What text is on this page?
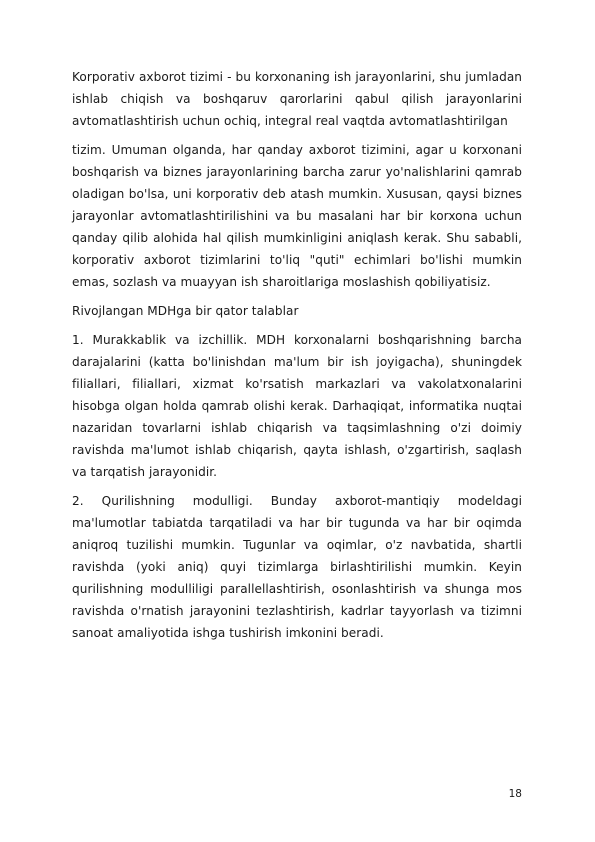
Korporativ axborot tizimi - bu korxonaning ish jarayonlarini, shu jumladan ishlab chiqish va boshqaruv qarorlarini qabul qilish jarayonlarini avtomatlashtirish uchun ochiq, integral real vaqtda avtomatlashtirilgan

tizim. Umuman olganda, har qanday axborot tizimini, agar u korxonani boshqarish va biznes jarayonlarining barcha zarur yo'nalishlarini qamrab oladigan bo'lsa, uni korporativ deb atash mumkin. Xususan, qaysi biznes jarayonlar avtomatlashtirilishini va bu masalani har bir korxona uchun qanday qilib alohida hal qilish mumkinligini aniqlash kerak. Shu sababli, korporativ axborot tizimlarini to'liq "quti" echimlari bo'lishi mumkin emas, sozlash va muayyan ish sharoitlariga moslashish qobiliyatisiz.

Rivojlangan MDHga bir qator talablar

1. Murakkablik va izchillik. MDH korxonalarni boshqarishning barcha darajalarini (katta bo'linishdan ma'lum bir ish joyigacha), shuningdek filiallari, filiallari, xizmat ko'rsatish markazlari va vakolatxonalarini hisobga olgan holda qamrab olishi kerak. Darhaqiqat, informatika nuqtai nazaridan tovarlarni ishlab chiqarish va taqsimlashning o'zi doimiy ravishda ma'lumot ishlab chiqarish, qayta ishlash, o'zgartirish, saqlash va tarqatish jarayonidir.

2. Qurilishning modulligi. Bunday axborot-mantiqiy modeldagi ma'lumotlar tabiatda tarqatiladi va har bir tugunda va har bir oqimda aniqroq tuzilishi mumkin. Tugunlar va oqimlar, o'z navbatida, shartli ravishda (yoki aniq) quyi tizimlarga birlashtirilishi mumkin. Keyin qurilishning modulliligi parallellashtirish, osonlashtirish va shunga mos ravishda o'rnatish jarayonini tezlashtirish, kadrlar tayyorlash va tizimni sanoat amaliyotida ishga tushirish imkonini beradi.

18
